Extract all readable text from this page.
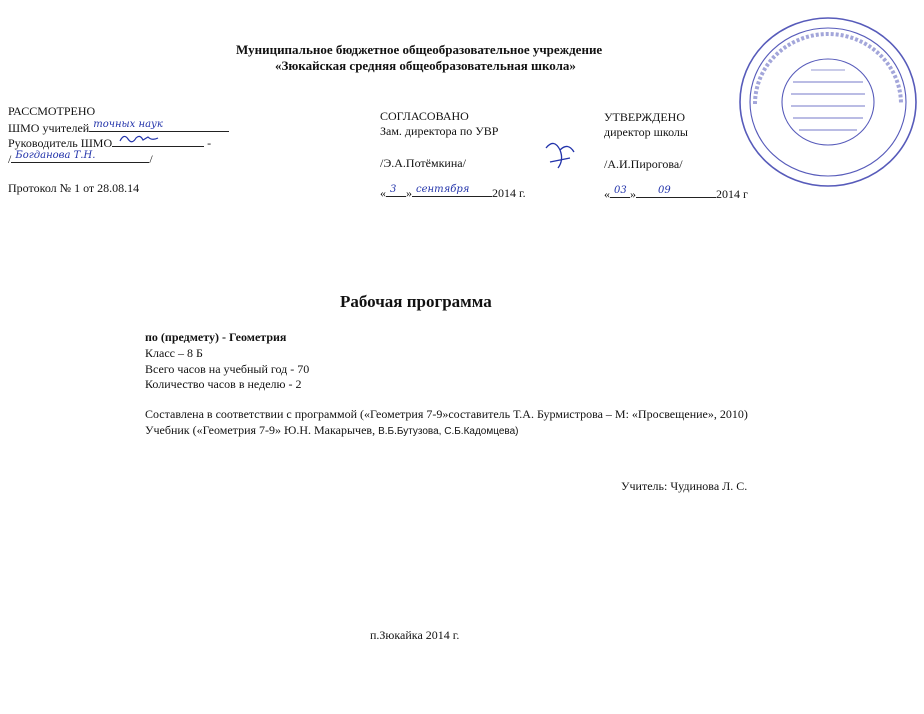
Муниципальное бюджетное общеобразовательное учреждение
«Зюкайская средняя общеобразовательная школа»
РАССМОТРЕНО
ШМО учителей точных наук
Руководитель ШМО	-
/ Богданова Т.Н.	/
Протокол № 1 от 28.08.14
СОГЛАСОВАНО
Зам. директора по УВР
/Э.А.Потёмкина/
« 3 » сентября 2014 г.
УТВЕРЖДЕНО
директор школы
/А.И.Пирогова/
« 03 » 09	2014 г
Рабочая программа
по (предмету) - Геометрия
Класс – 8 Б
Всего часов на учебный год - 70
Количество часов в неделю - 2
Составлена в соответствии с программой («Геометрия 7-9»составитель Т.А. Бурмистрова – М: «Просвещение», 2010)
Учебник («Геометрия 7-9» Ю.Н. Макарычев, В.Б.Бутузова, С.Б.Кадомцева)
Учитель: Чудинова Л. С.
п.Зюкайка 2014 г.
